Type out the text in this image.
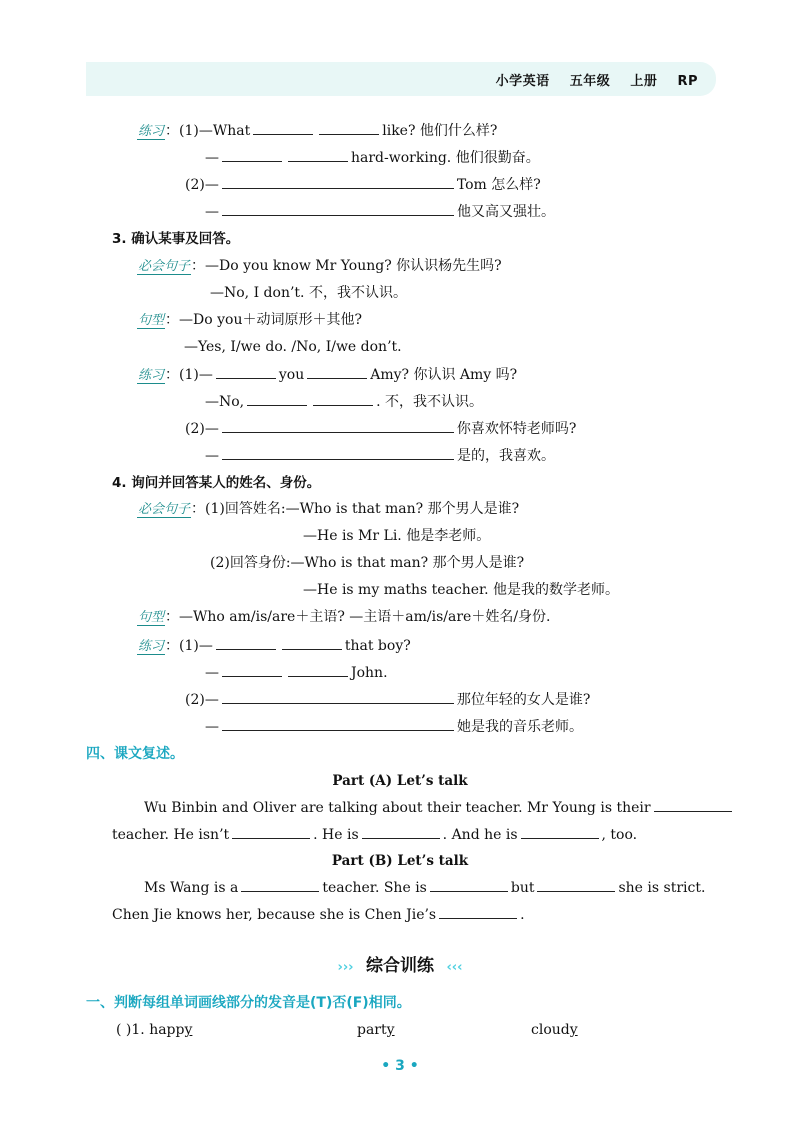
小学英语    五年级    上册    RP
练习：(1)—What	like? 他们什么样?
—	hard-working. 他们很勤奋。
(2)—	Tom 怎么样?
—	他又高又强壮。
3. 确认某事及回答。
必会句子：—Do you know Mr Young? 你认识杨先生吗?
—No, I don’t. 不，我不认识。
句型：—Do you＋动词原形＋其他?
—Yes, I/we do. /No, I/we don’t.
练习：(1)—	you	Amy? 你认识 Amy 吗?
—No,	. 不，我不认识。
(2)—	你喜欢怀特老师吗?
—	是的，我喜欢。
4. 询问并回答某人的姓名、身份。
必会句子：(1)回答姓名:—Who is that man? 那个男人是谁?
—He is Mr Li. 他是李老师。
(2)回答身份:—Who is that man? 那个男人是谁?
—He is my maths teacher. 他是我的数学老师。
句型：—Who am/is/are＋主语? —主语＋am/is/are＋姓名/身份.
练习：(1)—	that boy?
—	John.
(2)—	那位年轻的女人是谁?
—	她是我的音乐老师。
四、课文复述。
Part (A) Let’s talk
Wu Binbin and Oliver are talking about their teacher. Mr Young is their
teacher. He isn’t	. He is	. And he is	, too.
Part (B) Let’s talk
Ms Wang is a	teacher. She is	but	she is strict.
Chen Jie knows her, because she is Chen Jie’s	.
››› 综合训练 ‹‹‹
一、判断每组单词画线部分的发音是(T)否(F)相同。
( )1. happy	party	cloudy
• 3 •
